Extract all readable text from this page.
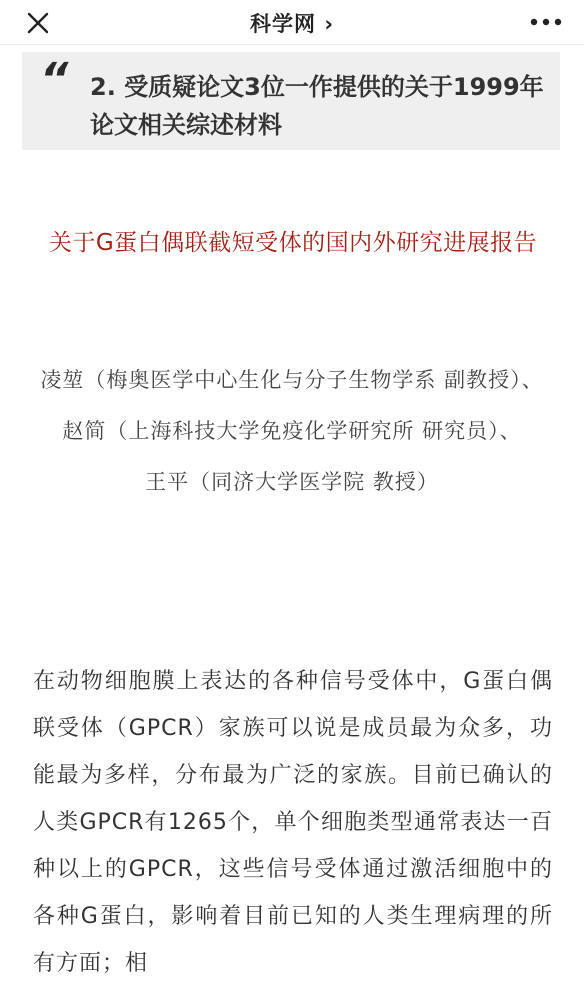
科学网 ›
“ 2. 受质疑论文3位一作提供的关于1999年论文相关综述材料
关于G蛋白偶联截短受体的国内外研究进展报告
凌堃（梅奥医学中心生化与分子生物学系 副教授）、
赵简（上海科技大学免疫化学研究所 研究员）、
王平（同济大学医学院 教授）
在动物细胞膜上表达的各种信号受体中，G蛋白偶联受体（GPCR）家族可以说是成员最为众多，功能最为多样，分布最为广泛的家族。目前已确认的人类GPCR有1265个，单个细胞类型通常表达一百种以上的GPCR，这些信号受体通过激活细胞中的各种G蛋白，影响着目前已知的人类生理病理的所有方面；相
